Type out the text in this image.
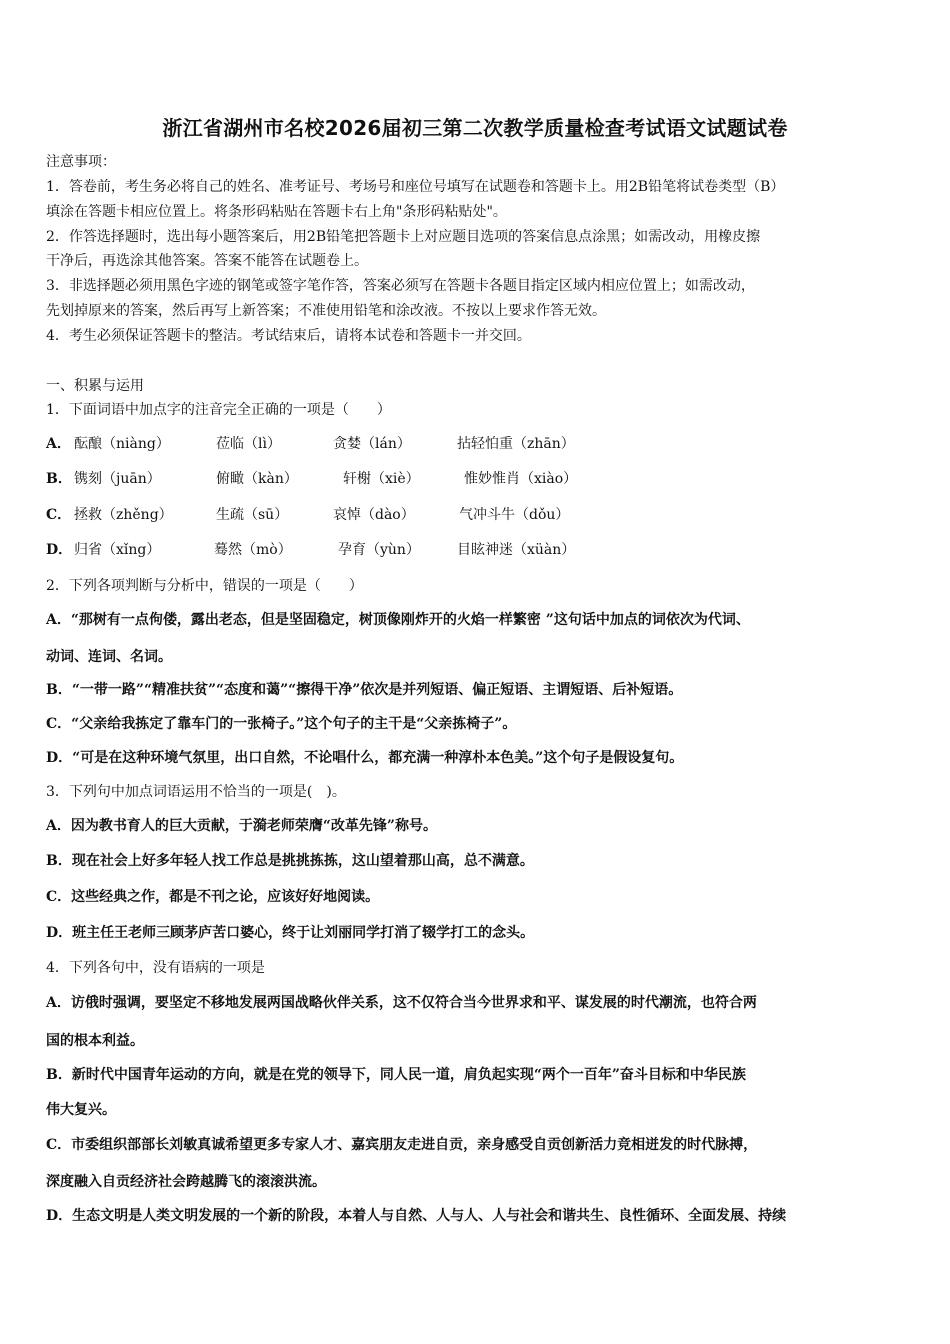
浙江省湖州市名校2026届初三第二次教学质量检查考试语文试题试卷
注意事项：
1．答卷前，考生务必将自己的姓名、准考证号、考场号和座位号填写在试题卷和答题卡上。用2B铅笔将试卷类型（B）
填涂在答题卡相应位置上。将条形码粘贴在答题卡右上角"条形码粘贴处"。
2．作答选择题时，选出每小题答案后，用2B铅笔把答题卡上对应题目选项的答案信息点涂黑；如需改动，用橡皮擦
干净后，再选涂其他答案。答案不能答在试题卷上。
3．非选择题必须用黑色字迹的钢笔或签字笔作答，答案必须写在答题卡各题目指定区域内相应位置上；如需改动，
先划掉原来的答案，然后再写上新答案；不准使用铅笔和涂改液。不按以上要求作答无效。
4．考生必须保证答题卡的整洁。考试结束后，请将本试卷和答题卡一并交回。
一、积累与运用
1．下面词语中加点字的注音完全正确的一项是（　　）
A． 酝酿（niàng）	莅临（lì）	贪婪（lán）	拈轻怕重（zhān）
B． 镌刻（juān）	俯瞰（kàn）	轩榭（xiè）	惟妙惟肖（xiào）
C． 拯救（zhěng）	生疏（sū）	哀悼（dào）	气冲斗牛（dǒu）
D． 归省（xǐng）	蓦然（mò）	孕育（yùn）	目眩神迷（xüàn）
2．下列各项判断与分析中，错误的一项是（　　）
A．“那树有一点佝偻，露出老态，但是坚固稳定，树顶像刚炸开的火焰一样繁密 ”这句话中加点的词依次为代词、
动词、连词、名词。
B．“一带一路”“精准扶贫”“态度和蔼”“擦得干净”依次是并列短语、偏正短语、主谓短语、后补短语。
C．“父亲给我拣定了靠车门的一张椅子。”这个句子的主干是“父亲拣椅子”。
D．“可是在这种环境气氛里，出口自然，不论唱什么，都充满一种淳朴本色美。”这个句子是假设复句。
3．下列句中加点词语运用不恰当的一项是(　)。
A．因为教书育人的巨大贡献，于漪老师荣膺“改革先锋”称号。
B．现在社会上好多年轻人找工作总是挑挑拣拣，这山望着那山高，总不满意。
C．这些经典之作，都是不刊之论，应该好好地阅读。
D．班主任王老师三顾茅庐苦口婆心，终于让刘丽同学打消了辍学打工的念头。
4．下列各句中，没有语病的一项是
A．访俄时强调，要坚定不移地发展两国战略伙伴关系，这不仅符合当今世界求和平、谋发展的时代潮流，也符合两
国的根本利益。
B．新时代中国青年运动的方向，就是在党的领导下，同人民一道，肩负起实现“两个一百年”奋斗目标和中华民族
伟大复兴。
C．市委组织部部长刘敏真诚希望更多专家人才、嘉宾朋友走进自贡，亲身感受自贡创新活力竞相迸发的时代脉搏，
深度融入自贡经济社会跨越腾飞的滚滚洪流。
D．生态文明是人类文明发展的一个新的阶段，本着人与自然、人与人、人与社会和谐共生、良性循环、全面发展、持续
